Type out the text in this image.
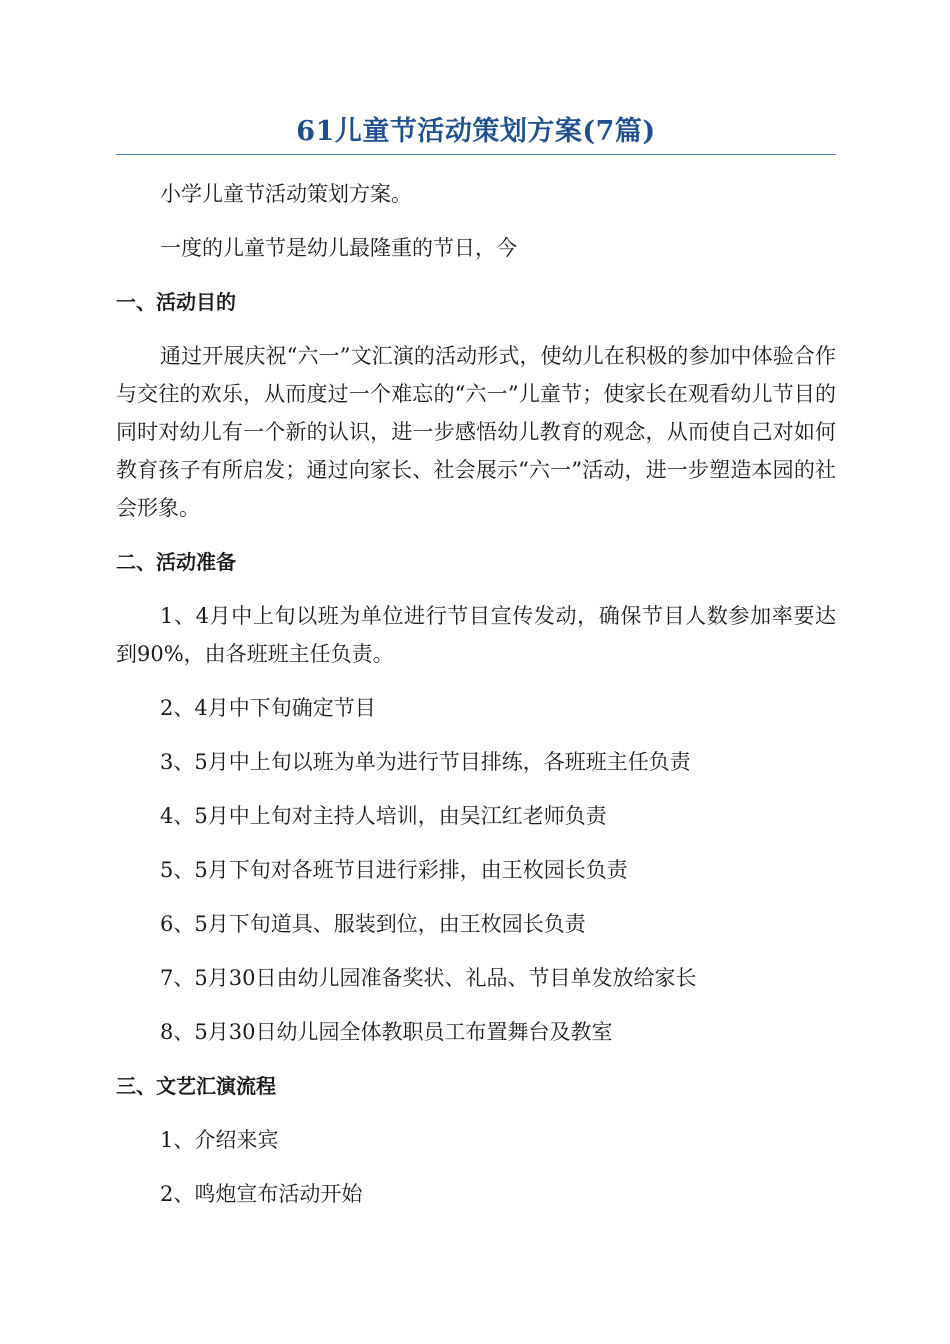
61儿童节活动策划方案(7篇)

小学儿童节活动策划方案。

一度的儿童节是幼儿最隆重的节日，今

一、活动目的

通过开展庆祝“六一”文汇演的活动形式，使幼儿在积极的参加中体验合作与交往的欢乐，从而度过一个难忘的“六一”儿童节；使家长在观看幼儿节目的同时对幼儿有一个新的认识，进一步感悟幼儿教育的观念，从而使自己对如何教育孩子有所启发；通过向家长、社会展示“六一”活动，进一步塑造本园的社会形象。

二、活动准备

1、4月中上旬以班为单位进行节目宣传发动，确保节目人数参加率要达到90%，由各班班主任负责。

2、4月中下旬确定节目

3、5月中上旬以班为单为进行节目排练，各班班主任负责

4、5月中上旬对主持人培训，由吴江红老师负责

5、5月下旬对各班节目进行彩排，由王枚园长负责

6、5月下旬道具、服装到位，由王枚园长负责

7、5月30日由幼儿园准备奖状、礼品、节目单发放给家长

8、5月30日幼儿园全体教职员工布置舞台及教室

三、文艺汇演流程

1、介绍来宾

2、鸣炮宣布活动开始
